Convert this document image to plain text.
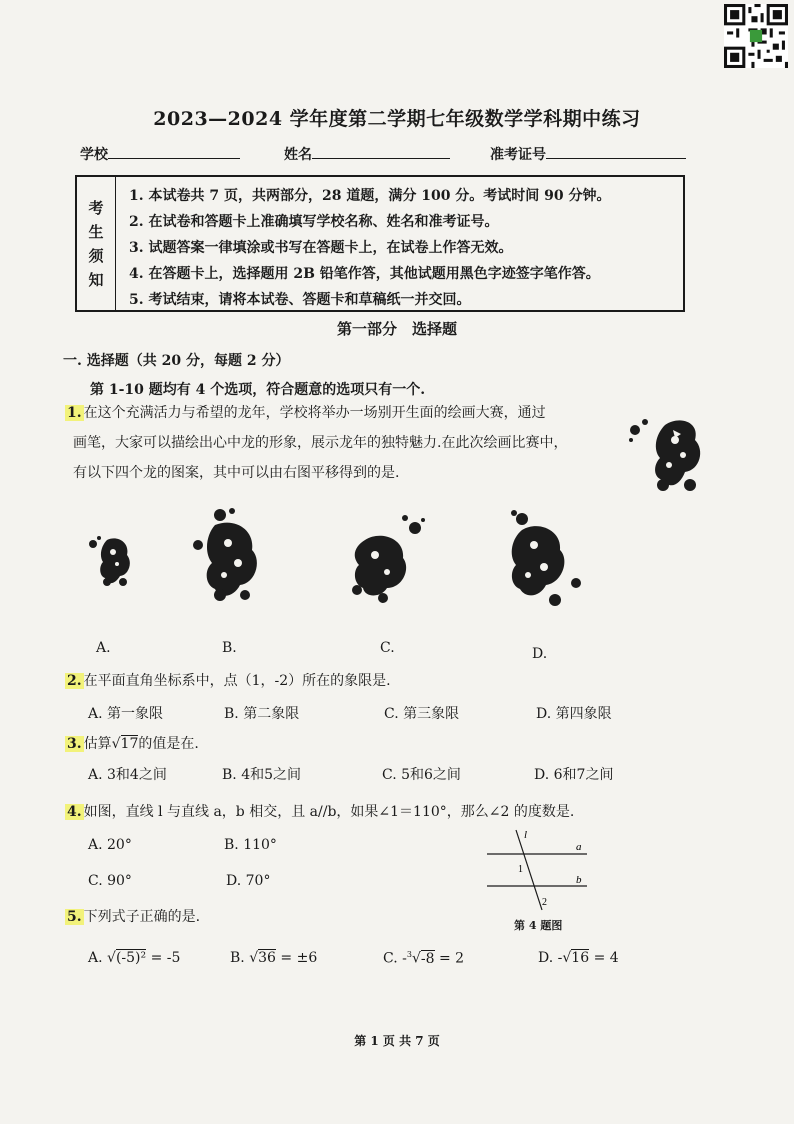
2023—2024 学年度第二学期七年级数学学科期中练习
学校	姓名	准考证号
考
生
须
知
1. 本试卷共 7 页，共两部分，28 道题，满分 100 分。考试时间 90 分钟。
2. 在试卷和答题卡上准确填写学校名称、姓名和准考证号。
3. 试题答案一律填涂或书写在答题卡上，在试卷上作答无效。
4. 在答题卡上，选择题用 2B 铅笔作答，其他试题用黑色字迹签字笔作答。
5. 考试结束，请将本试卷、答题卡和草稿纸一并交回。
第一部分　选择题
一. 选择题（共 20 分，每题 2 分）
第 1-10 题均有 4 个选项，符合题意的选项只有一个.
1. 在这个充满活力与希望的龙年，学校将举办一场别开生面的绘画大赛，通过
画笔，大家可以描绘出心中龙的形象，展示龙年的独特魅力.在此次绘画比赛中，
有以下四个龙的图案，其中可以由右图平移得到的是.
A.	B.	C.	D.
2. 在平面直角坐标系中，点（1，-2）所在的象限是.
A. 第一象限	B. 第二象限	C. 第三象限	D. 第四象限
3. 估算√17的值是在.
A. 3和4之间	B. 4和5之间	C. 5和6之间	D. 6和7之间
4. 如图，直线 l 与直线 a，b 相交，且 a//b，如果∠1＝110°，那么∠2 的度数是.
A. 20°	B. 110°
C. 90°	D. 70°
l
a
b
1
2
第 4 题图
5. 下列式子正确的是.
A. √(-5)² = -5	B. √36 = ±6	C. -$^3$√-8 = 2	D. -√16 = 4
第 1 页 共 7 页
